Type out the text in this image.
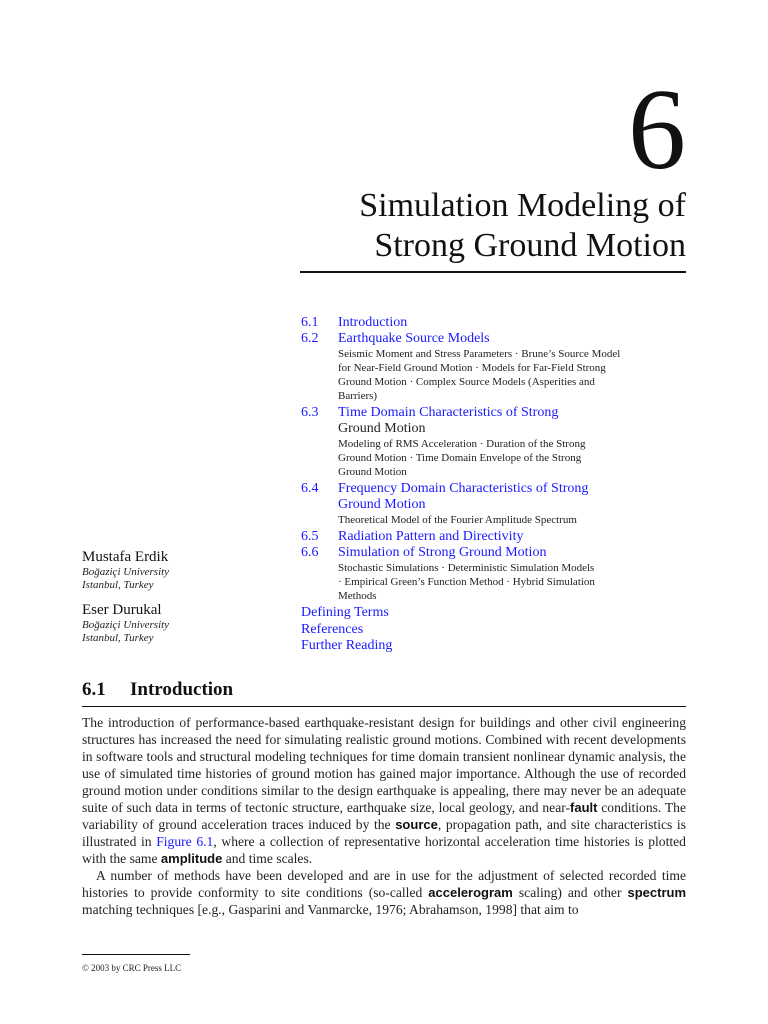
6
Simulation Modeling of
Strong Ground Motion
6.1	Introduction
6.2	Earthquake Source Models
Seismic Moment and Stress Parameters · Brune’s Source Model
for Near-Field Ground Motion · Models for Far-Field Strong
Ground Motion · Complex Source Models (Asperities and
Barriers)
6.3	Time Domain Characteristics of Strong
Ground Motion
Modeling of RMS Acceleration · Duration of the Strong
Ground Motion · Time Domain Envelope of the Strong
Ground Motion
6.4	Frequency Domain Characteristics of Strong
Ground Motion
Theoretical Model of the Fourier Amplitude Spectrum
6.5	Radiation Pattern and Directivity
6.6	Simulation of Strong Ground Motion
Stochastic Simulations · Deterministic Simulation Models
· Empirical Green’s Function Method · Hybrid Simulation
Methods
Defining Terms
References
Further Reading
Mustafa Erdik
Boğaziçi University
Istanbul, Turkey
Eser Durukal
Boğaziçi University
Istanbul, Turkey
6.1 Introduction

The introduction of performance-based earthquake-resistant design for buildings and other civil engineering structures has increased the need for simulating realistic ground motions. Combined with recent developments in software tools and structural modeling techniques for time domain transient nonlinear dynamic analysis, the use of simulated time histories of ground motion has gained major importance. Although the use of recorded ground motion under conditions similar to the design earthquake is appealing, there may never be an adequate suite of such data in terms of tectonic structure, earthquake size, local geology, and near-fault conditions. The variability of ground acceleration traces induced by the source, propagation path, and site characteristics is illustrated in Figure 6.1, where a collection of representative horizontal acceleration time histories is plotted with the same amplitude and time scales.

A number of methods have been developed and are in use for the adjustment of selected recorded time histories to provide conformity to site conditions (so-called accelerogram scaling) and other spectrum matching techniques [e.g., Gasparini and Vanmarcke, 1976; Abrahamson, 1998] that aim to

© 2003 by CRC Press LLC
